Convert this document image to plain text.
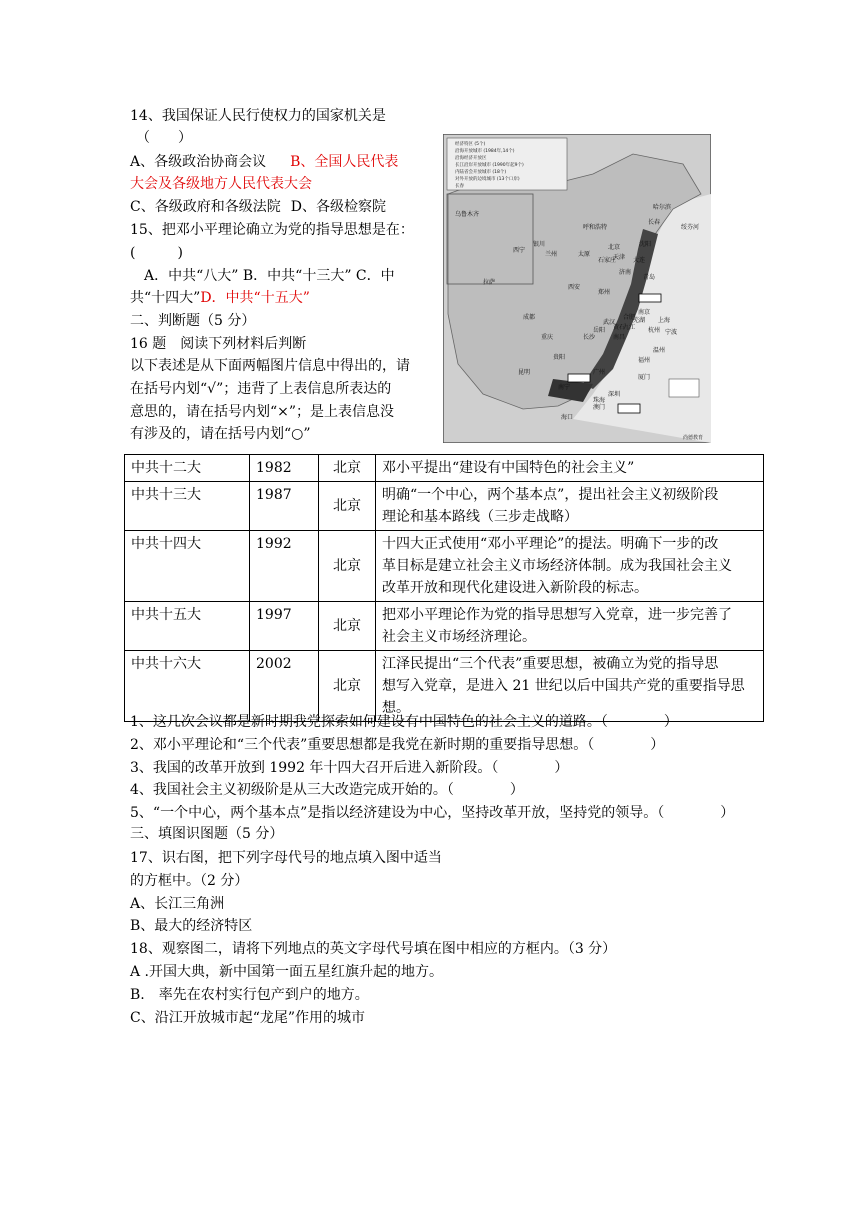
14、我国保证人民行使权力的国家机关是
（　　）
A、各级政治协商会议 B、全国人民代表
大会及各级地方人民代表大会
C、各级政府和各级法院 D、各级检察院
15、把邓小平理论确立为党的指导思想是在：
(　　　)
A．中共“八大” B．中共“十三大” C．中
共“十四大”D．中共“十五大”
二、判断题（5 分）
16 题　阅读下列材料后判断
以下表述是从下面两幅图片信息中得出的，请
在括号内划“√”；违背了上表信息所表达的
意思的，请在括号内划“×”；是上表信息没
有涉及的，请在括号内划“○”
经济特区 (5个)
沿海开放城市 (1984年,14个)
沿海经济开放区
长江沿岸开放城市 (1990年起9个)
内陆省会开放城市 (18个)
对外开放的边境城市 (13个口岸)
长春
乌鲁木齐
哈尔滨
长春
绥芬河
沈阳
呼和浩特
北京
大连
天津
银川
太原
石家庄
兰州
济南
青岛
西宁
郑州
拉萨
西安
南京
合肥	上海
武汉
成都
重庆	长沙	南昌
杭州 宁波
温州
贵阳	福州
厦门
昆明
南宁
广州
深圳
珠海
澳门
海口
九江
岳阳
芜湖
黄石
尚德教育
中共十二大	1982	北京	邓小平提出“建设有中国特色的社会主义”

中共十三大	1987	北京	明确“一个中心，两个基本点”，提出社会主义初级阶段
理论和基本路线（三步走战略）

中共十四大	1992	北京	十四大正式使用“邓小平理论”的提法。明确下一步的改
革目标是建立社会主义市场经济体制。成为我国社会主义
改革开放和现代化建设进入新阶段的标志。

中共十五大	1997	北京	把邓小平理论作为党的指导思想写入党章，进一步完善了
社会主义市场经济理论。

中共十六大	2002	北京	江泽民提出“三个代表”重要思想，被确立为党的指导思
想写入党章，是进入 21 世纪以后中国共产党的重要指导思
想。
1、这几次会议都是新时期我党探索如何建设有中国特色的社会主义的道路。（　　　　）
2、邓小平理论和“三个代表”重要思想都是我党在新时期的重要指导思想。（　　　　）
3、我国的改革开放到 1992 年十四大召开后进入新阶段。（　　　　）
4、我国社会主义初级阶是从三大改造完成开始的。（　　　　）
5、“一个中心，两个基本点”是指以经济建设为中心，坚持改革开放，坚持党的领导。（　　　　）
三、填图识图题（5 分）
17、识右图，把下列字母代号的地点填入图中适当
的方框中。（2 分）
A、长江三角洲
B、最大的经济特区
18、观察图二，请将下列地点的英文字母代号填在图中相应的方框内。（3 分）
A .开国大典，新中国第一面五星红旗升起的地方。
B.　率先在农村实行包产到户的地方。
C、沿江开放城市起“龙尾”作用的城市
